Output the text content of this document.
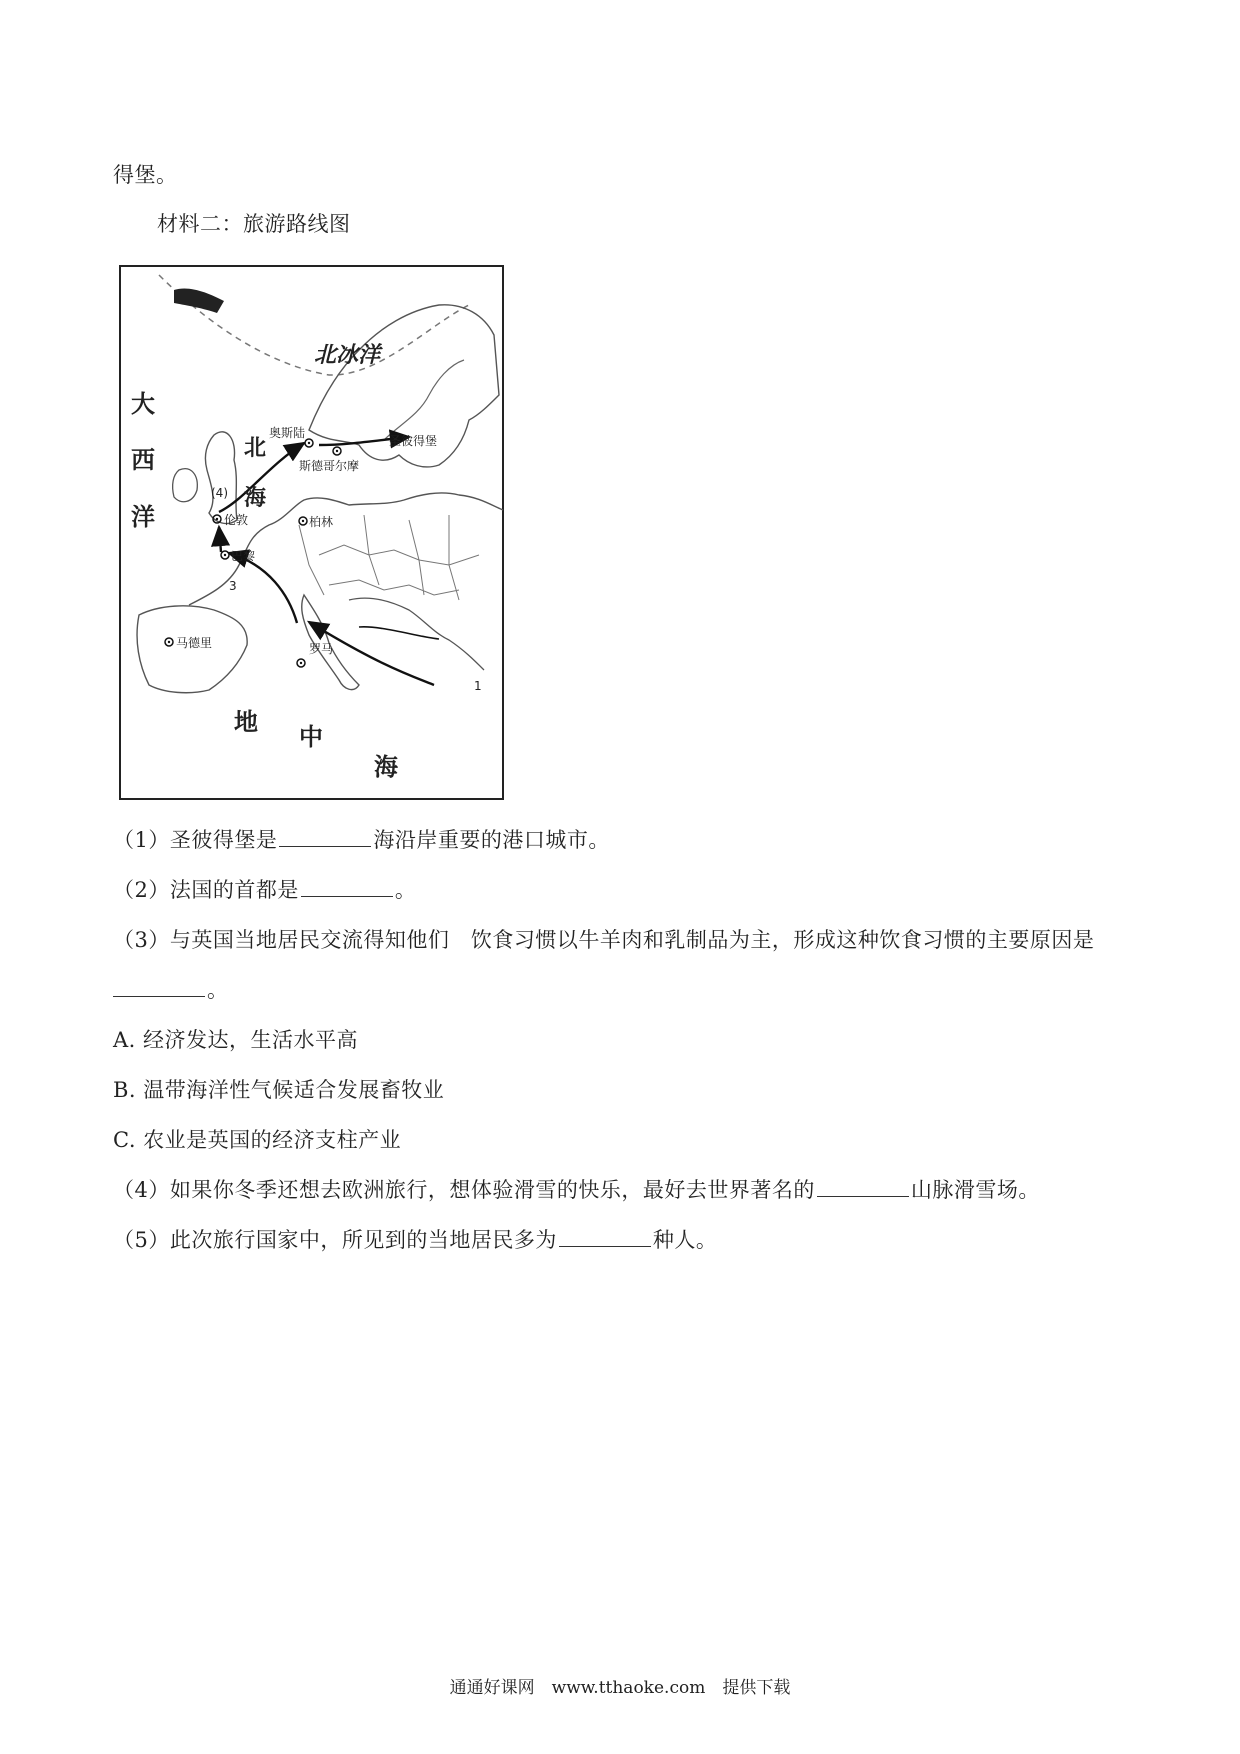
得堡。
材料二：旅游路线图
北冰洋
大
西
洋
北
海
地
中
海
奥斯陆
斯德哥尔摩
圣彼得堡
伦敦
巴黎
柏林
马德里	罗马
1
3
(4)
（1）圣彼得堡是	海沿岸重要的港口城市。
（2）法国的首都是	。
（3）与英国当地居民交流得知他们　饮食习惯以牛羊肉和乳制品为主，形成这种饮食习惯的主要原因是
。
A. 经济发达，生活水平高
B. 温带海洋性气候适合发展畜牧业
C. 农业是英国的经济支柱产业
（4）如果你冬季还想去欧洲旅行，想体验滑雪的快乐，最好去世界著名的	山脉滑雪场。
（5）此次旅行国家中，所见到的当地居民多为	种人。
通通好课网　www.tthaoke.com　提供下载
